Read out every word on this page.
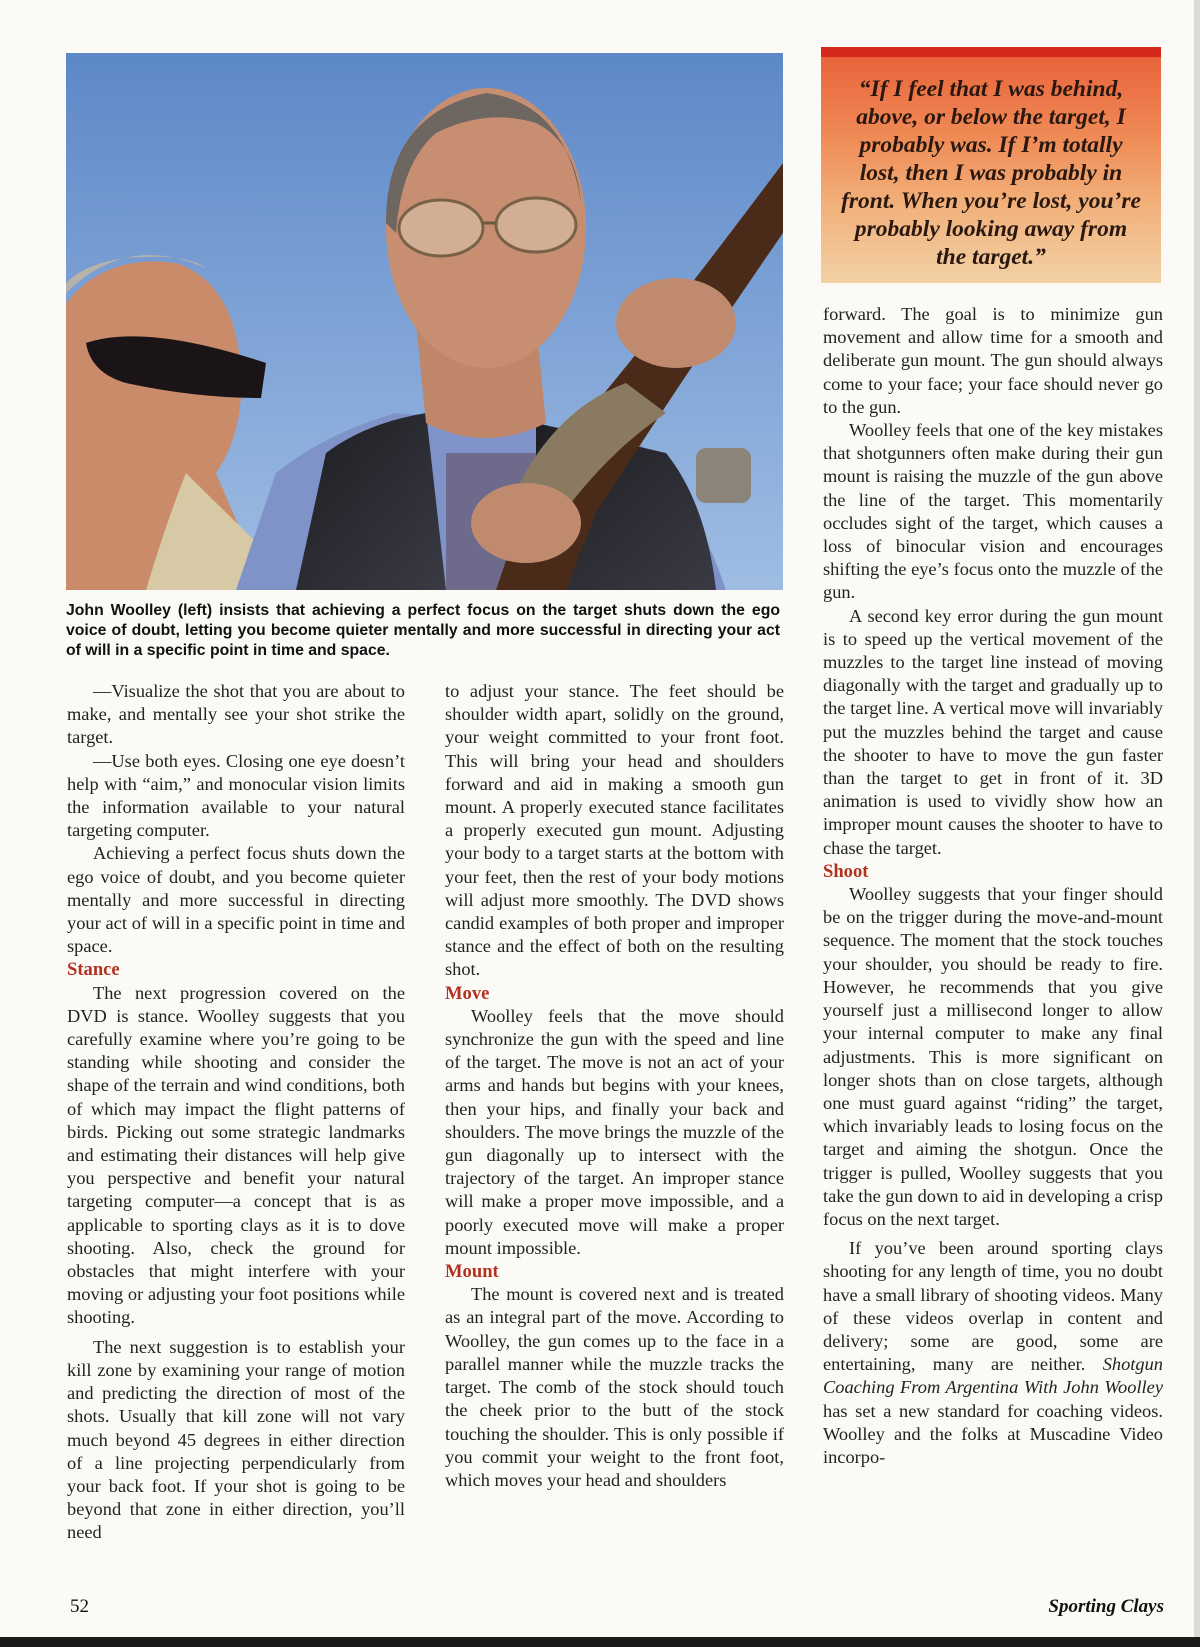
John Woolley (left) insists that achieving a perfect focus on the target shuts down the ego voice of doubt, letting you become quieter mentally and more successful in directing your act of will in a specific point in time and space.

“If I feel that I was behind, above, or below the target, I probably was. If I’m totally lost, then I was probably in front. When you’re lost, you’re probably looking away from the target.”

—Visualize the shot that you are about to make, and mentally see your shot strike the target.

—Use both eyes. Closing one eye doesn’t help with “aim,” and monocular vision limits the information available to your natural targeting computer.

Achieving a perfect focus shuts down the ego voice of doubt, and you become quieter mentally and more successful in directing your act of will in a specific point in time and space.

Stance

The next progression covered on the DVD is stance. Woolley suggests that you carefully examine where you’re going to be standing while shooting and consider the shape of the terrain and wind conditions, both of which may impact the flight patterns of birds. Picking out some strategic landmarks and estimating their distances will help give you perspective and benefit your natural targeting computer—a concept that is as applicable to sporting clays as it is to dove shooting. Also, check the ground for obstacles that might interfere with your moving or adjusting your foot positions while shooting.

The next suggestion is to establish your kill zone by examining your range of motion and predicting the direction of most of the shots. Usually that kill zone will not vary much beyond 45 degrees in either direction of a line projecting perpendicularly from your back foot. If your shot is going to be beyond that zone in either direction, you’ll need

to adjust your stance. The feet should be shoulder width apart, solidly on the ground, your weight committed to your front foot. This will bring your head and shoulders forward and aid in making a smooth gun mount. A properly executed stance facilitates a properly executed gun mount. Adjusting your body to a target starts at the bottom with your feet, then the rest of your body motions will adjust more smoothly. The DVD shows candid examples of both proper and improper stance and the effect of both on the resulting shot.

Move

Woolley feels that the move should synchronize the gun with the speed and line of the target. The move is not an act of your arms and hands but begins with your knees, then your hips, and finally your back and shoulders. The move brings the muzzle of the gun diagonally up to intersect with the trajectory of the target. An improper stance will make a proper move impossible, and a poorly executed move will make a proper mount impossible.

Mount

The mount is covered next and is treated as an integral part of the move. According to Woolley, the gun comes up to the face in a parallel manner while the muzzle tracks the target. The comb of the stock should touch the cheek prior to the butt of the stock touching the shoulder. This is only possible if you commit your weight to the front foot, which moves your head and shoulders

forward. The goal is to minimize gun movement and allow time for a smooth and deliberate gun mount. The gun should always come to your face; your face should never go to the gun.

Woolley feels that one of the key mistakes that shotgunners often make during their gun mount is raising the muzzle of the gun above the line of the target. This momentarily occludes sight of the target, which causes a loss of binocular vision and encourages shifting the eye’s focus onto the muzzle of the gun.

A second key error during the gun mount is to speed up the vertical movement of the muzzles to the target line instead of moving diagonally with the target and gradually up to the target line. A vertical move will invariably put the muzzles behind the target and cause the shooter to have to move the gun faster than the target to get in front of it. 3D animation is used to vividly show how an improper mount causes the shooter to have to chase the target.

Shoot

Woolley suggests that your finger should be on the trigger during the move-and-mount sequence. The moment that the stock touches your shoulder, you should be ready to fire. However, he recommends that you give yourself just a millisecond longer to allow your internal computer to make any final adjustments. This is more significant on longer shots than on close targets, although one must guard against “riding” the target, which invariably leads to losing focus on the target and aiming the shotgun. Once the trigger is pulled, Woolley suggests that you take the gun down to aid in developing a crisp focus on the next target.

If you’ve been around sporting clays shooting for any length of time, you no doubt have a small library of shooting videos. Many of these videos overlap in content and delivery; some are good, some are entertaining, many are neither. Shotgun Coaching From Argentina With John Woolley has set a new standard for coaching videos. Woolley and the folks at Muscadine Video incorpo-

52	Sporting Clays
